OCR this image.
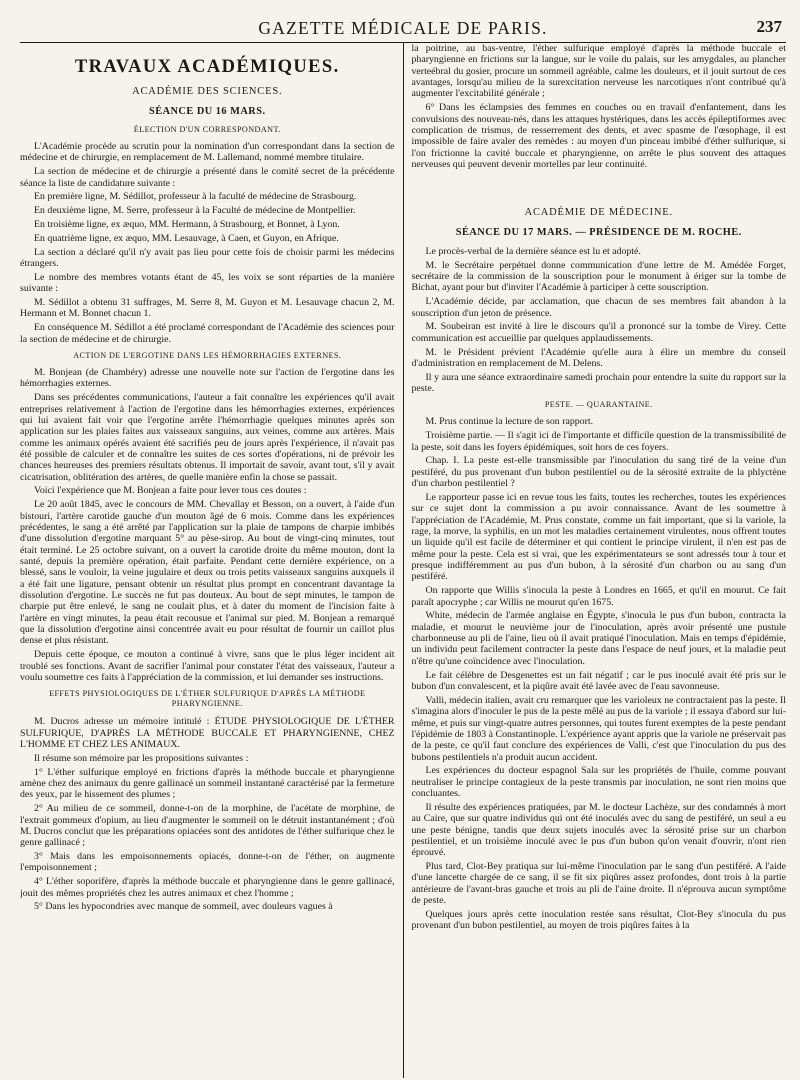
GAZETTE MÉDICALE DE PARIS.	237
TRAVAUX ACADÉMIQUES.
ACADÉMIE DES SCIENCES.
SÉANCE DU 16 MARS.
ÉLECTION D'UN CORRESPONDANT.

L'Académie procède au scrutin pour la nomination d'un correspondant dans la section de médecine et de chirurgie, en remplacement de M. Lallemand, nommé membre titulaire.

La section de médecine et de chirurgie a présenté dans le comité secret de la précédente séance la liste de candidature suivante :

En première ligne, M. Sédillot, professeur à la faculté de médecine de Strasbourg.

En deuxième ligne, M. Serre, professeur à la Faculté de médecine de Montpellier.

En troisième ligne, ex æquo, MM. Hermann, à Strasbourg, et Bonnet, à Lyon.

En quatrième ligne, ex æquo, MM. Lesauvage, à Caen, et Guyon, en Afrique.

La section a déclaré qu'il n'y avait pas lieu pour cette fois de choisir parmi les médecins étrangers.

Le nombre des membres votants étant de 45, les voix se sont réparties de la manière suivante :

M. Sédillot a obtenu 31 suffrages, M. Serre 8, M. Guyon et M. Lesauvage chacun 2, M. Hermann et M. Bonnet chacun 1.

En conséquence M. Sédillot a été proclamé correspondant de l'Académie des sciences pour la section de médecine et de chirurgie.

ACTION DE L'ERGOTINE DANS LES HÉMORRHAGIES EXTERNES.

M. Bonjean (de Chambéry) adresse une nouvelle note sur l'action de l'ergotine dans les hémorrhagies externes.

Dans ses précédentes communications, l'auteur a fait connaître les expériences qu'il avait entreprises relativement à l'action de l'ergotine dans les hémorrhagies externes, expériences qui lui avaient fait voir que l'ergotine arrête l'hémorrhagie quelques minutes après son application sur les plaies faites aux vaisseaux sanguins, aux veines, comme aux artères. Mais comme les animaux opérés avaient été sacrifiés peu de jours après l'expérience, il n'avait pas été possible de calculer et de connaître les suites de ces sortes d'opérations, ni de prévoir les chances heureuses des premiers résultats obtenus. Il importait de savoir, avant tout, s'il y avait cicatrisation, oblitération des artères, de quelle manière enfin la chose se passait.

Voici l'expérience que M. Bonjean a faite pour lever tous ces doutes :

Le 20 août 1845, avec le concours de MM. Chevallay et Besson, on a ouvert, à l'aide d'un bistouri, l'artère carotide gauche d'un mouton âgé de 6 mois. Comme dans les expériences précédentes, le sang a été arrêté par l'application sur la plaie de tampons de charpie imbibés d'une dissolution d'ergotine marquant 5° au pèse-sirop. Au bout de vingt-cinq minutes, tout était terminé. Le 25 octobre suivant, on a ouvert la carotide droite du même mouton, dont la santé, depuis la première opération, était parfaite. Pendant cette dernière expérience, on a blessé, sans le vouloir, la veine jugulaire et deux ou trois petits vaisseaux sanguins auxquels il a été fait une ligature, pensant obtenir un résultat plus prompt en concentrant davantage la dissolution d'ergotine. Le succès ne fut pas douteux. Au bout de sept minutes, le tampon de charpie put être enlevé, le sang ne coulait plus, et à dater du moment de l'incision faite à l'artère en vingt minutes, la peau était recousue et l'animal sur pied. M. Bonjean a remarqué que la dissolution d'ergotine ainsi concentrée avait eu pour résultat de fournir un caillot plus dense et plus résistant.

Depuis cette époque, ce mouton a continué à vivre, sans que le plus léger incident ait troublé ses fonctions. Avant de sacrifier l'animal pour constater l'état des vaisseaux, l'auteur a voulu soumettre ces faits à l'appréciation de la commission, et lui demander ses instructions.

EFFETS PHYSIOLOGIQUES DE L'ÉTHER SULFURIQUE D'APRÈS LA MÉTHODE
PHARYNGIENNE.

M. Ducros adresse un mémoire intitulé : ÉTUDE PHYSIOLOGIQUE DE L'ÉTHER SULFURIQUE, D'APRÈS LA MÉTHODE BUCCALE ET PHARYNGIENNE, CHEZ L'HOMME ET CHEZ LES ANIMAUX.

Il résume son mémoire par les propositions suivantes :

1° L'éther sulfurique employé en frictions d'après la méthode buccale et pharyngienne amène chez des animaux du genre gallinacé un sommeil instantané caractérisé par la fermeture des yeux, par le hissement des plumes ;

2° Au milieu de ce sommeil, donne-t-on de la morphine, de l'acétate de morphine, de l'extrait gommeux d'opium, au lieu d'augmenter le sommeil on le détruit instantanément ; d'où M. Ducros conclut que les préparations opiacées sont des antidotes de l'éther sulfurique chez le genre gallinacé ;

3° Mais dans les empoisonnements opiacés, donne-t-on de l'éther, on augmente l'empoisonnement ;

4° L'éther soporifère, d'après la méthode buccale et pharyngienne dans le genre gallinacé, jouit des mêmes propriétés chez les autres animaux et chez l'homme ;

5° Dans les hypocondries avec manque de sommeil, avec douleurs vagues à

la poitrine, au bas-ventre, l'éther sulfurique employé d'après la méthode buccale et pharyngienne en frictions sur la langue, sur le voile du palais, sur les amygdales, au plancher verteébral du gosier, procure un sommeil agréable, calme les douleurs, et il jouit surtout de ces avantages, lorsqu'au milieu de la surexcitation nerveuse les narcotiques n'ont contribué qu'à augmenter l'excitabilité générale ;

6° Dans les éclampsies des femmes en couches ou en travail d'enfantement, dans les convulsions des nouveau-nés, dans les attaques hystériques, dans les accès épileptiformes avec complication de trismus, de resserrement des dents, et avec spasme de l'œsophage, il est impossible de faire avaler des remèdes : au moyen d'un pinceau imbibé d'éther sulfurique, si l'on frictionne la cavité buccale et pharyngienne, on arrête le plus souvent des attaques nerveuses qui peuvent devenir mortelles par leur continuité.

ACADÉMIE DE MÉDECINE.
SÉANCE DU 17 MARS. — PRÉSIDENCE DE M. ROCHE.

Le procès-verbal de la dernière séance est lu et adopté.

M. le Secrétaire perpétuel donne communication d'une lettre de M. Amédée Forget, secrétaire de la commission de la souscription pour le monument à ériger sur la tombe de Bichat, ayant pour but d'inviter l'Académie à participer à cette souscription.

L'Académie décide, par acclamation, que chacun de ses membres fait abandon à la souscription d'un jeton de présence.

M. Soubeiran est invité à lire le discours qu'il a prononcé sur la tombe de Virey. Cette communication est accueillie par quelques applaudissements.

M. le Président prévient l'Académie qu'elle aura à élire un membre du conseil d'administration en remplacement de M. Delens.

Il y aura une séance extraordinaire samedi prochain pour entendre la suite du rapport sur la peste.

PESTE. — QUARANTAINE.

M. Prus continue la lecture de son rapport.

Troisième partie. — Il s'agit ici de l'importante et difficile question de la transmissibilité de la peste, soit dans les foyers épidémiques, soit hors de ces foyers.

Chap. I. La peste est-elle transmissible par l'inoculation du sang tiré de la veine d'un pestiféré, du pus provenant d'un bubon pestilentiel ou de la sérosité extraite de la phlyctène d'un charbon pestilentiel ?

Le rapporteur passe ici en revue tous les faits, toutes les recherches, toutes les expériences sur ce sujet dont la commission a pu avoir connaissance. Avant de les soumettre à l'appréciation de l'Académie, M. Prus constate, comme un fait important, que si la variole, la rage, la morve, la syphilis, en un mot les maladies certainement virulentes, nous offrent toutes un liquide qu'il est facile de déterminer et qui contient le principe virulent, il n'en est pas de même pour la peste. Cela est si vrai, que les expérimentateurs se sont adressés tour à tour et presque indifféremment au pus d'un bubon, à la sérosité d'un charbon ou au sang d'un pestiféré.

On rapporte que Willis s'inocula la peste à Londres en 1665, et qu'il en mourut. Ce fait paraît apocryphe ; car Willis ne mourut qu'en 1675.

White, médecin de l'armée anglaise en Égypte, s'inocula le pus d'un bubon, contracta la maladie, et mourut le neuvième jour de l'inoculation, après avoir présenté une pustule charbonneuse au pli de l'aine, lieu où il avait pratiqué l'inoculation. Mais en temps d'épidémie, un individu peut facilement contracter la peste dans l'espace de neuf jours, et la maladie peut n'être qu'une coïncidence avec l'inoculation.

Le fait célèbre de Desgenettes est un fait négatif ; car le pus inoculé avait été pris sur le bubon d'un convalescent, et la piqûre avait été lavée avec de l'eau savonneuse.

Valli, médecin italien, avait cru remarquer que les varioleux ne contractaient pas la peste. Il s'imagina alors d'inoculer le pus de la peste mêlé au pus de la variole ; il essaya d'abord sur lui-même, et puis sur vingt-quatre autres personnes, qui toutes furent exemptes de la peste pendant l'épidémie de 1803 à Constantinople. L'expérience ayant appris que la variole ne préservait pas de la peste, ce qu'il faut conclure des expériences de Valli, c'est que l'inoculation du pus des bubons pestilentiels n'a produit aucun accident.

Les expériences du docteur espagnol Sala sur les propriétés de l'huile, comme pouvant neutraliser le principe contagieux de la peste transmis par inoculation, ne sont rien moins que concluantes.

Il résulte des expériences pratiquées, par M. le docteur Lachèze, sur des condamnés à mort au Caire, que sur quatre individus qui ont été inoculés avec du sang de pestiféré, un seul a eu une peste bénigne, tandis que deux sujets inoculés avec la sérosité prise sur un charbon pestilentiel, et un troisième inoculé avec le pus d'un bubon qu'on venait d'ouvrir, n'ont rien éprouvé.

Plus tard, Clot-Bey pratiqua sur lui-même l'inoculation par le sang d'un pestiféré. A l'aide d'une lancette chargée de ce sang, il se fit six piqûres assez profondes, dont trois à la partie antérieure de l'avant-bras gauche et trois au pli de l'aine droite. Il n'éprouva aucun symptôme de peste.

Quelques jours après cette inoculation restée sans résultat, Clot-Bey s'inocula du pus provenant d'un bubon pestilentiel, au moyen de trois piqûres faites à la
